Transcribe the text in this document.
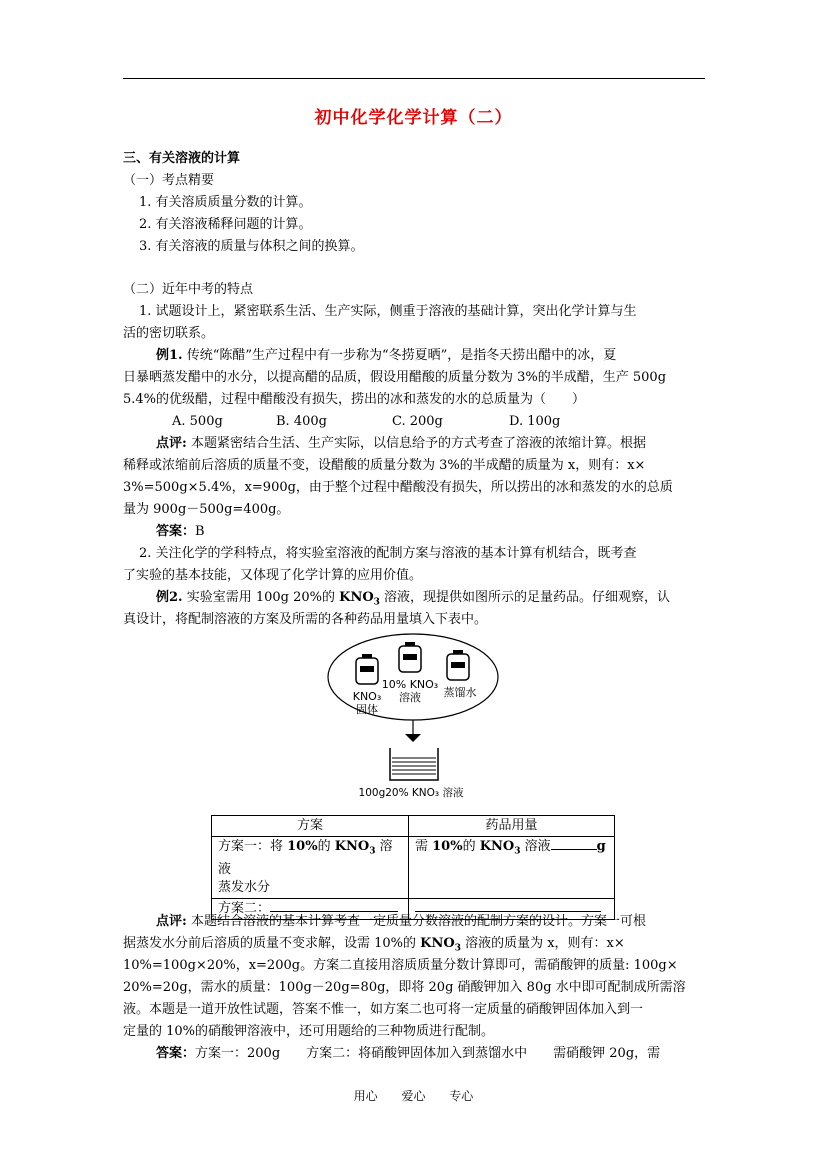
初中化学化学计算（二）
三、有关溶液的计算
（一）考点精要
1. 有关溶质质量分数的计算。
2. 有关溶液稀释问题的计算。
3. 有关溶液的质量与体积之间的换算。
（二）近年中考的特点
1. 试题设计上，紧密联系生活、生产实际，侧重于溶液的基础计算，突出化学计算与生
活的密切联系。
例1. 传统“陈醋”生产过程中有一步称为“冬捞夏晒”，是指冬天捞出醋中的冰，夏
日暴晒蒸发醋中的水分，以提高醋的品质，假设用醋酸的质量分数为 3%的半成醋，生产 500g
5.4%的优级醋，过程中醋酸没有损失，捞出的冰和蒸发的水的总质量为（　　）
A. 500g	B. 400g	C. 200g	D. 100g
点评: 本题紧密结合生活、生产实际，以信息给予的方式考查了溶液的浓缩计算。根据
稀释或浓缩前后溶质的质量不变，设醋酸的质量分数为 3%的半成醋的质量为 x，则有：x×
3%=500g×5.4%，x=900g，由于整个过程中醋酸没有损失，所以捞出的冰和蒸发的水的总质
量为 900g－500g=400g。
答案：B
2. 关注化学的学科特点，将实验室溶液的配制方案与溶液的基本计算有机结合，既考查
了实验的基本技能，又体现了化学计算的应用价值。
例2. 实验室需用 100g 20%的 $KNO_3$ 溶液，现提供如图所示的足量药品。仔细观察，认
真设计，将配制溶液的方案及所需的各种药品用量填入下表中。
KNO₃
固体
10% KNO₃
溶液 蒸馏水
100g20% KNO₃ 溶液
方案	药品用量
方案一：将 10%的 $KNO_3$ 溶液
蒸发水分	需 10%的 $KNO_3$ 溶液 g
方案二：	
点评: 本题结合溶液的基本计算考查一定质量分数溶液的配制方案的设计。方案一可根
据蒸发水分前后溶质的质量不变求解，设需 10%的 $KNO_3$ 溶液的质量为 x，则有：x×
10%=100g×20%，x=200g。方案二直接用溶质质量分数计算即可，需硝酸钾的质量: 100g×
20%=20g，需水的质量：100g－20g=80g，即将 20g 硝酸钾加入 80g 水中即可配制成所需溶
液。本题是一道开放性试题，答案不惟一，如方案二也可将一定质量的硝酸钾固体加入到一
定量的 10%的硝酸钾溶液中，还可用题给的三种物质进行配制。
答案：方案一：200g　　方案二：将硝酸钾固体加入到蒸馏水中　　需硝酸钾 20g，需
用心 爱心 专心
